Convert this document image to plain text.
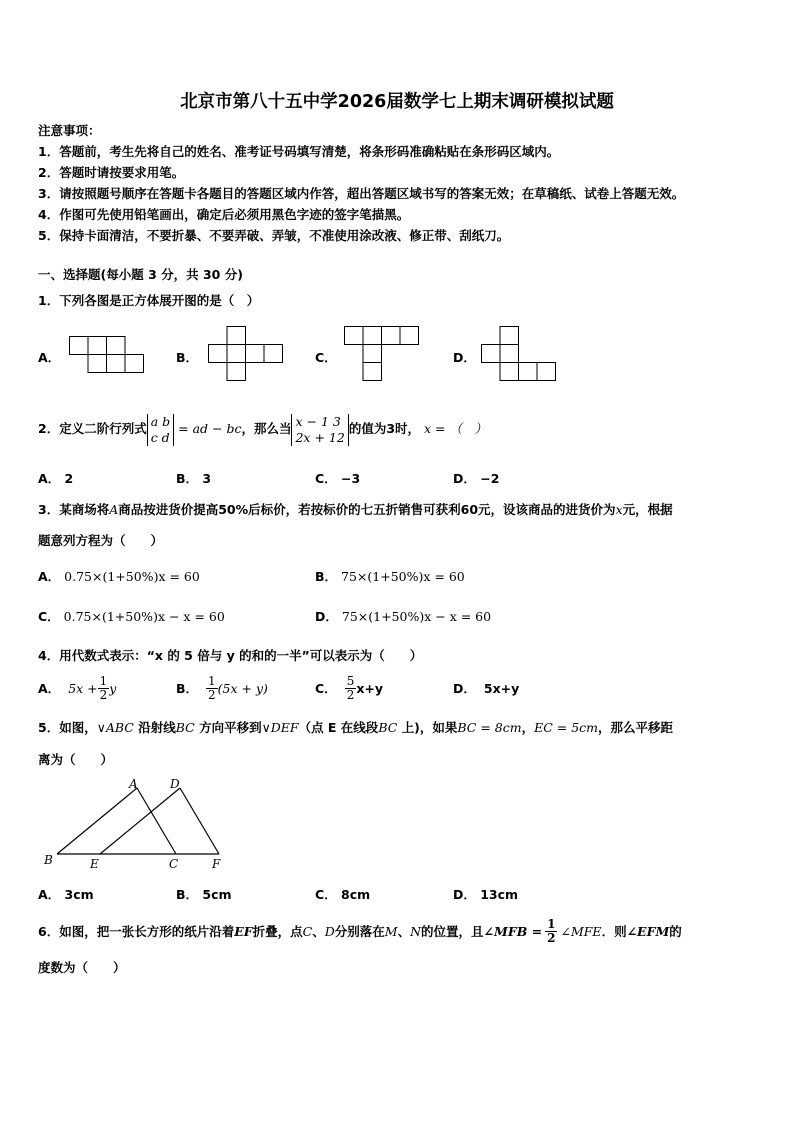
北京市第八十五中学2026届数学七上期末调研模拟试题
注意事项：
1．答题前，考生先将自己的姓名、准考证号码填写清楚，将条形码准确粘贴在条形码区域内。
2．答题时请按要求用笔。
3．请按照题号顺序在答题卡各题目的答题区域内作答，超出答题区域书写的答案无效；在草稿纸、试卷上答题无效。
4．作图可先使用铅笔画出，确定后必须用黑色字迹的签字笔描黑。
5．保持卡面清洁，不要折暴、不要弄破、弄皱，不准使用涂改液、修正带、刮纸刀。
一、选择题(每小题 3 分，共 30 分)
1．下列各图是正方体展开图的是（　）
A．	B．	C．	D．
2．定义二阶行列式 a b
c d
= ad − bc，那么当 x − 1 3
2x + 12
的值为3时， x = （　）
A． 2	B． 3	C． −3	D． −2
3．某商场将A商品按进货价提高50%后标价，若按标价的七五折销售可获利60元，设该商品的进货价为x元，根据
题意列方程为（　　）
A． 0.75×(1+50%)x = 60	B． 75×(1+50%)x = 60
C． 0.75×(1+50%)x − x = 60	D． 75×(1+50%)x − x = 60
4．用代数式表示：“x 的 5 倍与 y 的和的一半”可以表示为（　　）
A． $5x + \frac{1}{2}$ y	B． $\frac{1}{2} (5x + y)$	C． $\frac{5}{2} x+y$	D． 5x+y
5．如图，∨ABC 沿射线BC 方向平移到∨DEF（点 E 在线段BC 上)，如果BC = 8cm，EC = 5cm，那么平移距
离为（　　）
A	D
B	E	C	F
A． 3cm	B． 5cm	C． 8cm	D． 13cm
6．如图，把一张长方形的纸片沿着 EF 折叠，点 C 、 D 分别落在 M 、 N 的位置，且 ∠MFB = $\frac{1}{2}$ ∠MFE ．则 ∠EFM 的
度数为（　　）
